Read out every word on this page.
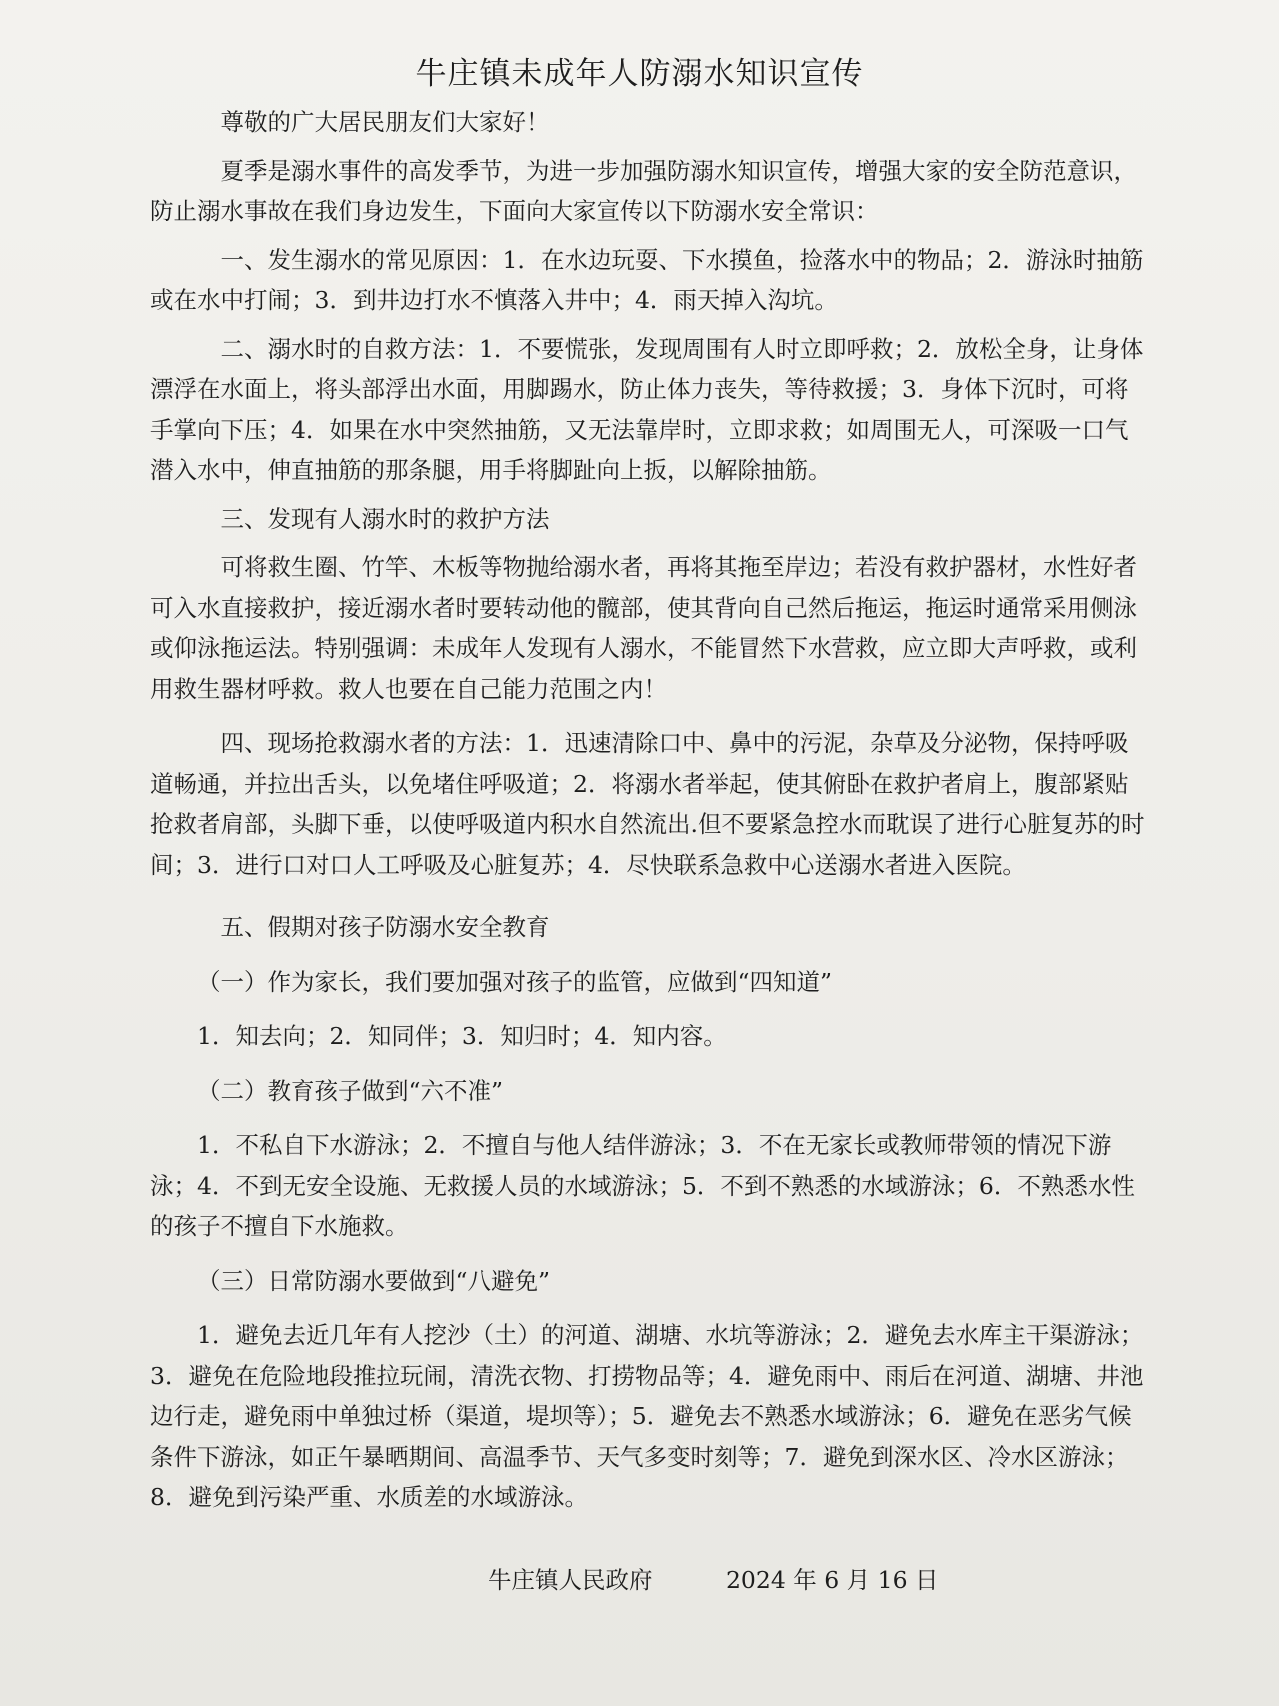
牛庄镇未成年人防溺水知识宣传

尊敬的广大居民朋友们大家好！

夏季是溺水事件的高发季节，为进一步加强防溺水知识宣传，增强大家的安全防范意识，防止溺水事故在我们身边发生，下面向大家宣传以下防溺水安全常识：

一、发生溺水的常见原因：1．在水边玩耍、下水摸鱼，捡落水中的物品；2．游泳时抽筋或在水中打闹；3．到井边打水不慎落入井中；4．雨天掉入沟坑。

二、溺水时的自救方法：1．不要慌张，发现周围有人时立即呼救；2．放松全身，让身体漂浮在水面上，将头部浮出水面，用脚踢水，防止体力丧失，等待救援；3．身体下沉时，可将手掌向下压；4．如果在水中突然抽筋，又无法靠岸时，立即求救；如周围无人，可深吸一口气潜入水中，伸直抽筋的那条腿，用手将脚趾向上扳，以解除抽筋。

三、发现有人溺水时的救护方法

可将救生圈、竹竿、木板等物抛给溺水者，再将其拖至岸边；若没有救护器材，水性好者可入水直接救护，接近溺水者时要转动他的髋部，使其背向自己然后拖运，拖运时通常采用侧泳或仰泳拖运法。特别强调：未成年人发现有人溺水，不能冒然下水营救，应立即大声呼救，或利用救生器材呼救。救人也要在自己能力范围之内！

四、现场抢救溺水者的方法：1．迅速清除口中、鼻中的污泥，杂草及分泌物，保持呼吸道畅通，并拉出舌头，以免堵住呼吸道；2．将溺水者举起，使其俯卧在救护者肩上，腹部紧贴抢救者肩部，头脚下垂，以使呼吸道内积水自然流出.但不要紧急控水而耽误了进行心脏复苏的时间；3．进行口对口人工呼吸及心脏复苏；4．尽快联系急救中心送溺水者进入医院。

五、假期对孩子防溺水安全教育

（一）作为家长，我们要加强对孩子的监管，应做到“四知道”

1．知去向；2．知同伴；3．知归时；4．知内容。

（二）教育孩子做到“六不准”

1．不私自下水游泳；2．不擅自与他人结伴游泳；3．不在无家长或教师带领的情况下游泳；4．不到无安全设施、无救援人员的水域游泳；5．不到不熟悉的水域游泳；6．不熟悉水性的孩子不擅自下水施救。

（三）日常防溺水要做到“八避免”

1．避免去近几年有人挖沙（土）的河道、湖塘、水坑等游泳；2．避免去水库主干渠游泳；3．避免在危险地段推拉玩闹，清洗衣物、打捞物品等；4．避免雨中、雨后在河道、湖塘、井池边行走，避免雨中单独过桥（渠道，堤坝等）；5．避免去不熟悉水域游泳；6．避免在恶劣气候条件下游泳，如正午暴晒期间、高温季节、天气多变时刻等；7．避免到深水区、冷水区游泳；8．避免到污染严重、水质差的水域游泳。

牛庄镇人民政府	2024 年 6 月 16 日
